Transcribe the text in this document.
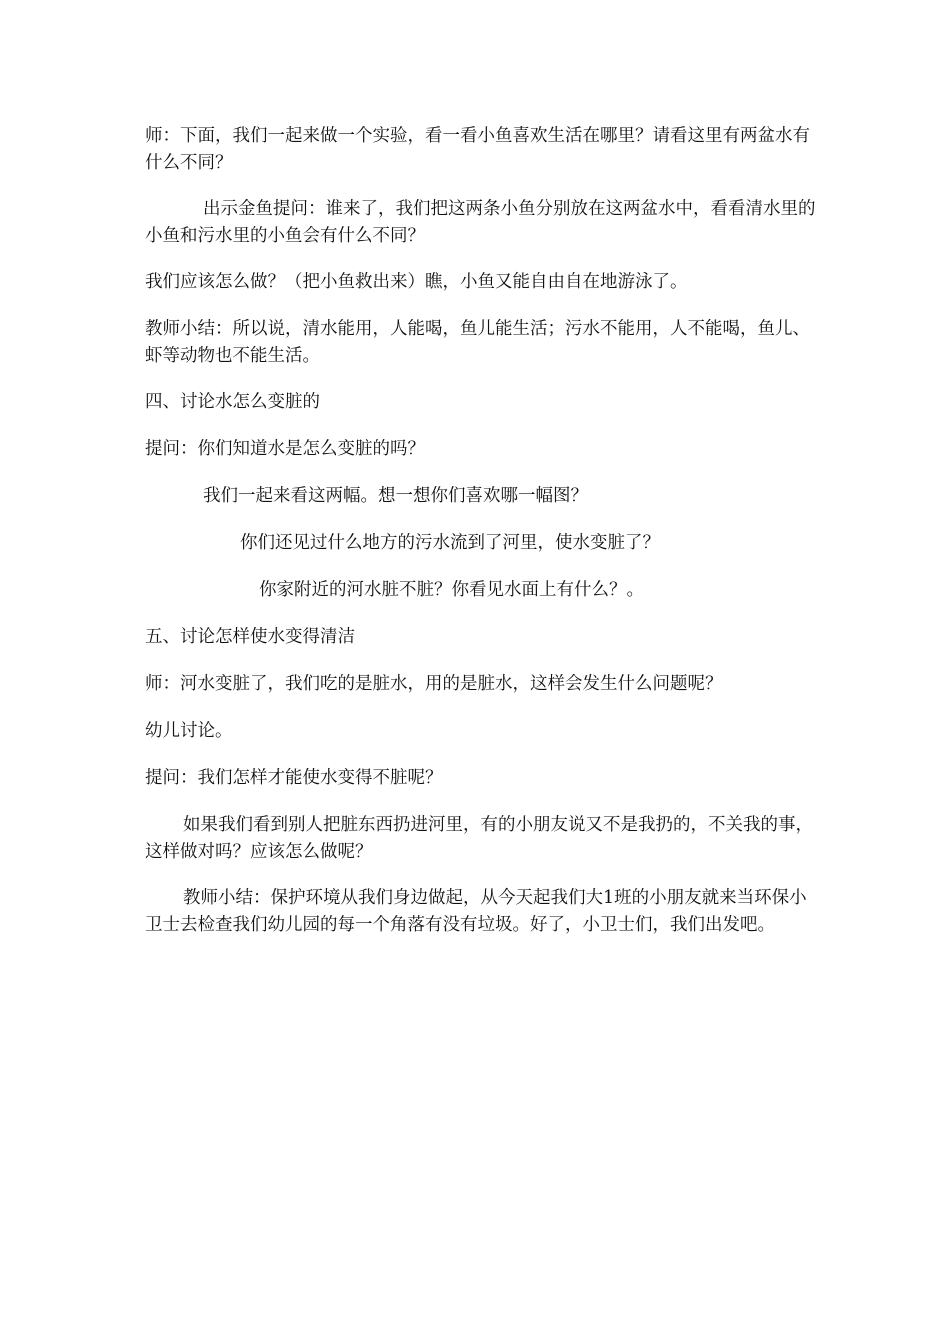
师：下面，我们一起来做一个实验，看一看小鱼喜欢生活在哪里？请看这里有两盆水有什么不同？

出示金鱼提问：谁来了，我们把这两条小鱼分别放在这两盆水中，看看清水里的小鱼和污水里的小鱼会有什么不同？

我们应该怎么做？（把小鱼救出来）瞧，小鱼又能自由自在地游泳了。

教师小结：所以说，清水能用，人能喝，鱼儿能生活；污水不能用，人不能喝，鱼儿、虾等动物也不能生活。

四、讨论水怎么变脏的

提问：你们知道水是怎么变脏的吗？

我们一起来看这两幅。想一想你们喜欢哪一幅图？

你们还见过什么地方的污水流到了河里，使水变脏了？

你家附近的河水脏不脏？你看见水面上有什么？。

五、讨论怎样使水变得清洁

师：河水变脏了，我们吃的是脏水，用的是脏水，这样会发生什么问题呢？

幼儿讨论。

提问：我们怎样才能使水变得不脏呢？

如果我们看到别人把脏东西扔进河里，有的小朋友说又不是我扔的，不关我的事，这样做对吗？应该怎么做呢？

教师小结：保护环境从我们身边做起，从今天起我们大1班的小朋友就来当环保小卫士去检查我们幼儿园的每一个角落有没有垃圾。好了，小卫士们，我们出发吧。
